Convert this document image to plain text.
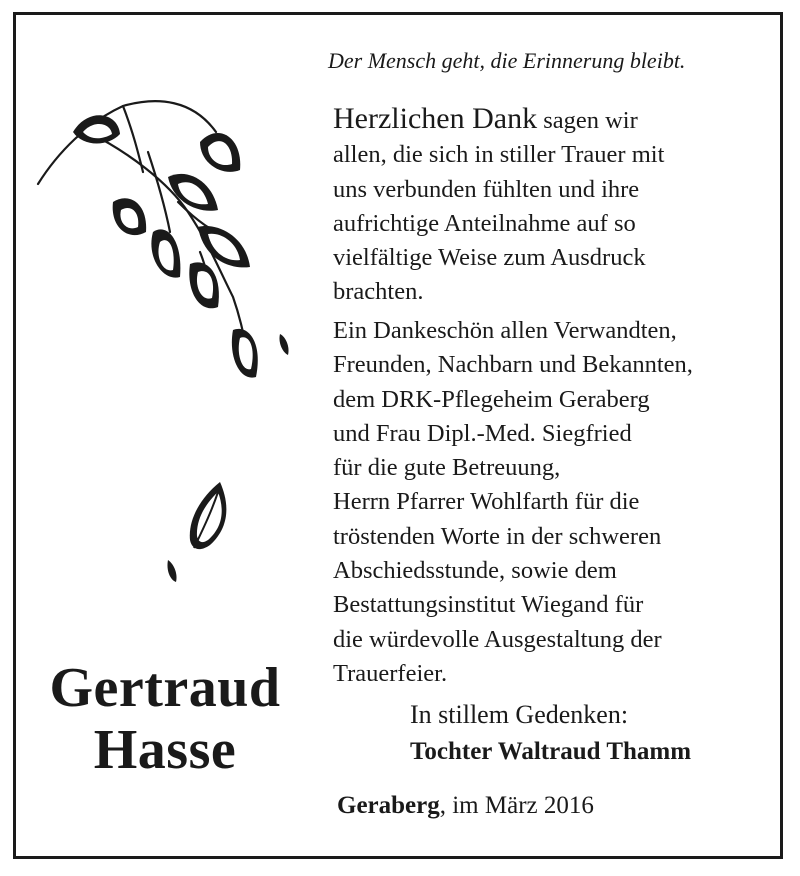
Der Mensch geht, die Erinnerung bleibt.
Herzlichen Dank sagen wir
allen, die sich in stiller Trauer mit
uns verbunden fühlten und ihre
aufrichtige Anteilnahme auf so
vielfältige Weise zum Ausdruck
brachten.
Ein Dankeschön allen Verwandten,
Freunden, Nachbarn und Bekannten,
dem DRK-Pflegeheim Geraberg
und Frau Dipl.-Med. Siegfried
für die gute Betreuung,
Herrn Pfarrer Wohlfarth für die
tröstenden Worte in der schweren
Abschiedsstunde, sowie dem
Bestattungsinstitut Wiegand für
die würdevolle Ausgestaltung der
Trauerfeier.
Gertraud
Hasse
In stillem Gedenken:
Tochter Waltraud Thamm
Geraberg, im März 2016
